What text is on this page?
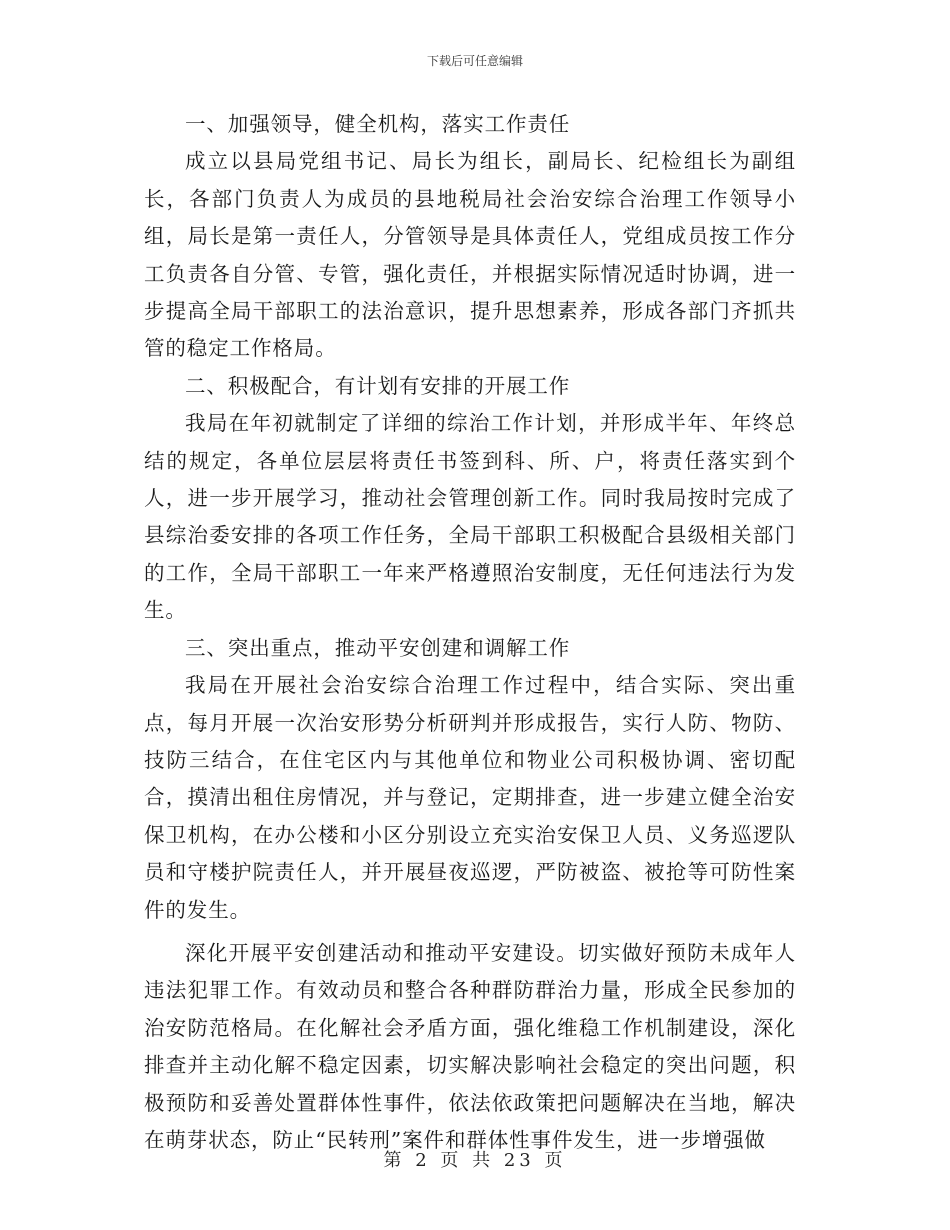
下载后可任意编辑

一、加强领导，健全机构，落实工作责任

成立以县局党组书记、局长为组长，副局长、纪检组长为副组长，各部门负责人为成员的县地税局社会治安综合治理工作领导小组，局长是第一责任人，分管领导是具体责任人，党组成员按工作分工负责各自分管、专管，强化责任，并根据实际情况适时协调，进一步提高全局干部职工的法治意识，提升思想素养，形成各部门齐抓共管的稳定工作格局。

二、积极配合，有计划有安排的开展工作

我局在年初就制定了详细的综治工作计划，并形成半年、年终总结的规定，各单位层层将责任书签到科、所、户，将责任落实到个人，进一步开展学习，推动社会管理创新工作。同时我局按时完成了县综治委安排的各项工作任务，全局干部职工积极配合县级相关部门的工作，全局干部职工一年来严格遵照治安制度，无任何违法行为发生。

三、突出重点，推动平安创建和调解工作

我局在开展社会治安综合治理工作过程中，结合实际、突出重点，每月开展一次治安形势分析研判并形成报告，实行人防、物防、技防三结合，在住宅区内与其他单位和物业公司积极协调、密切配合，摸清出租住房情况，并与登记，定期排查，进一步建立健全治安保卫机构，在办公楼和小区分别设立充实治安保卫人员、义务巡逻队员和守楼护院责任人，并开展昼夜巡逻，严防被盗、被抢等可防性案件的发生。

深化开展平安创建活动和推动平安建设。切实做好预防未成年人违法犯罪工作。有效动员和整合各种群防群治力量，形成全民参加的治安防范格局。在化解社会矛盾方面，强化维稳工作机制建设，深化排查并主动化解不稳定因素，切实解决影响社会稳定的突出问题，积极预防和妥善处置群体性事件，依法依政策把问题解决在当地，解决在萌芽状态，防止“民转刑”案件和群体性事件发生，进一步增强做

第 2 页 共 23 页
